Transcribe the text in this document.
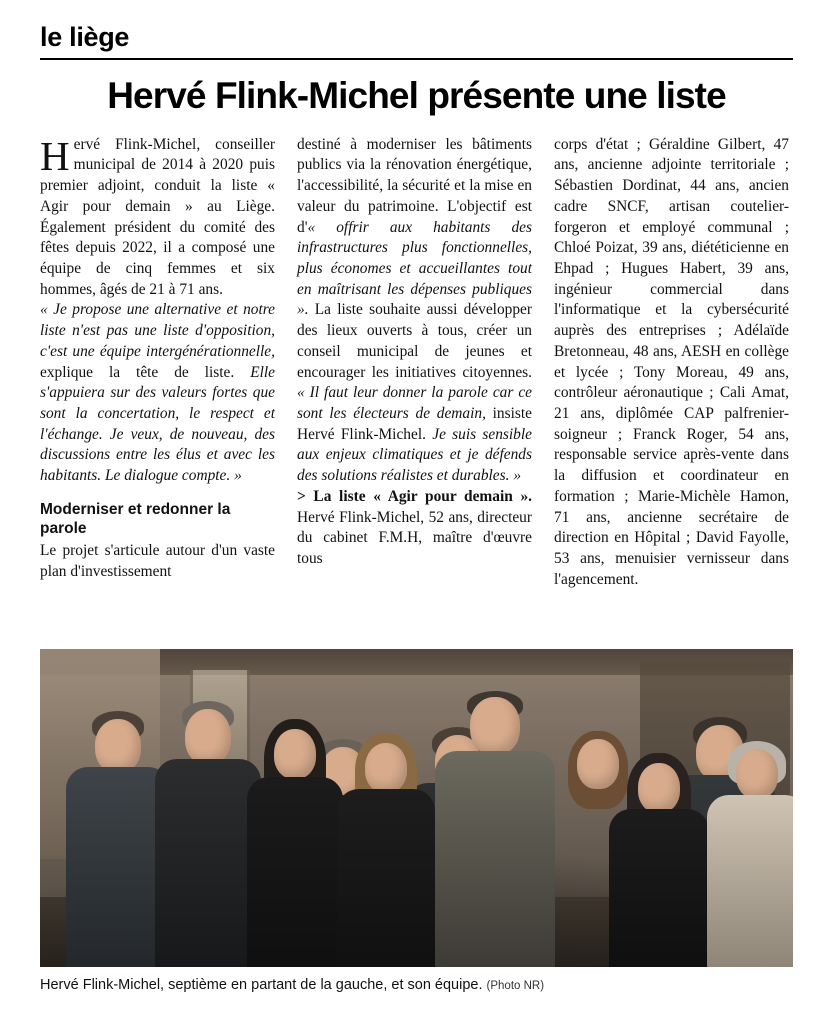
le liège
Hervé Flink-Michel présente une liste

Hervé Flink-Michel, conseiller municipal de 2014 à 2020 puis premier adjoint, conduit la liste « Agir pour demain » au Liège. Également président du comité des fêtes depuis 2022, il a composé une équipe de cinq femmes et six hommes, âgés de 21 à 71 ans.

« Je propose une alternative et notre liste n'est pas une liste d'opposition, c'est une équipe intergénérationnelle, explique la tête de liste. Elle s'appuiera sur des valeurs fortes que sont la concertation, le respect et l'échange. Je veux, de nouveau, des discussions entre les élus et avec les habitants. Le dialogue compte. »

Moderniser et redonner la parole

Le projet s'articule autour d'un vaste plan d'investissement

destiné à moderniser les bâtiments publics via la rénovation énergétique, l'accessibilité, la sécurité et la mise en valeur du patrimoine. L'objectif est d'« offrir aux habitants des infrastructures plus fonctionnelles, plus économes et accueillantes tout en maîtrisant les dépenses publiques ». La liste souhaite aussi développer des lieux ouverts à tous, créer un conseil municipal de jeunes et encourager les initiatives citoyennes. « Il faut leur donner la parole car ce sont les électeurs de demain, insiste Hervé Flink-Michel. Je suis sensible aux enjeux climatiques et je défends des solutions réalistes et durables. »

> La liste « Agir pour demain ». Hervé Flink-Michel, 52 ans, directeur du cabinet F.M.H, maître d'œuvre tous

corps d'état ; Géraldine Gilbert, 47 ans, ancienne adjointe territoriale ; Sébastien Dordinat, 44 ans, ancien cadre SNCF, artisan coutelier-forgeron et employé communal ; Chloé Poizat, 39 ans, diététicienne en Ehpad ; Hugues Habert, 39 ans, ingénieur commercial dans l'informatique et la cybersécurité auprès des entreprises ; Adélaïde Bretonneau, 48 ans, AESH en collège et lycée ; Tony Moreau, 49 ans, contrôleur aéronautique ; Cali Amat, 21 ans, diplômée CAP palfrenier-soigneur ; Franck Roger, 54 ans, responsable service après-vente dans la diffusion et coordinateur en formation ; Marie-Michèle Hamon, 71 ans, ancienne secrétaire de direction en Hôpital ; David Fayolle, 53 ans, menuisier vernisseur dans l'agencement.

Hervé Flink-Michel, septième en partant de la gauche, et son équipe. (Photo NR)
